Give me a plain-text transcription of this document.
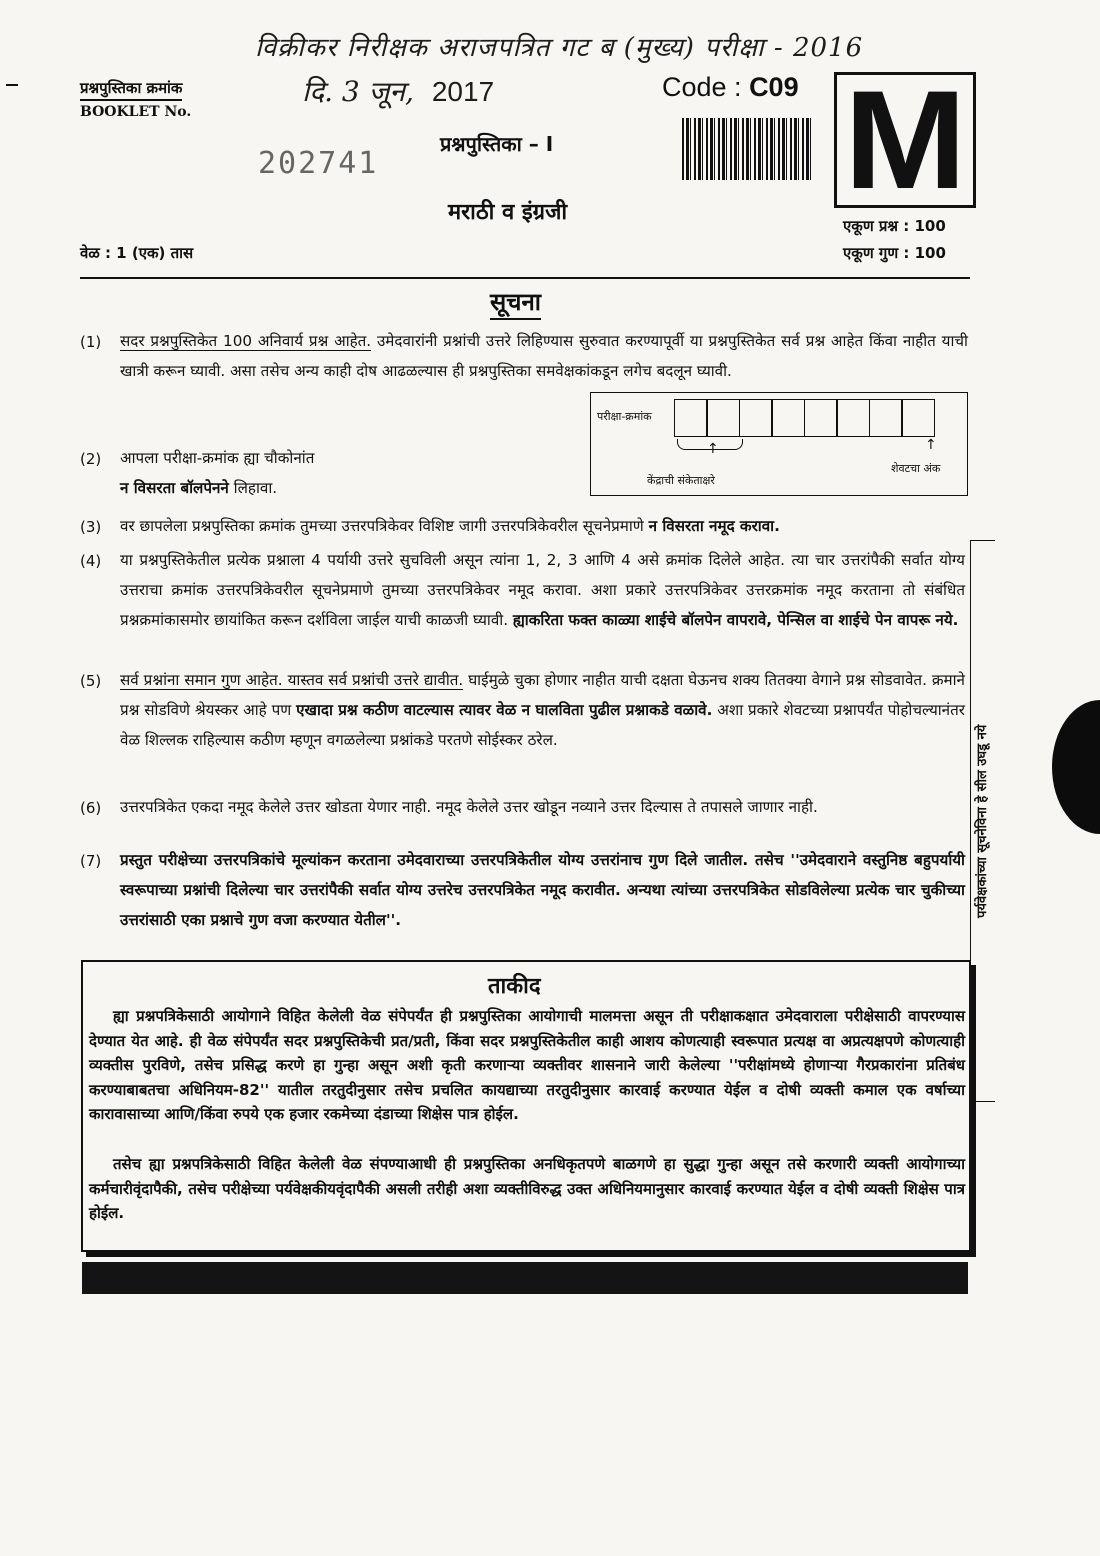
विक्रीकर निरीक्षक अराजपत्रित गट ब (मुख्य) परीक्षा - 2016
प्रश्नपुस्तिका क्रमांक
BOOKLET No.
दि. 3 जून, 2017	Code : C09
202741
प्रश्नपुस्तिका – I M
मराठी व इंग्रजी
एकूण प्रश्न : 100
एकूण गुण : 100
वेळ : 1 (एक) तास
सूचना
(1) सदर प्रश्नपुस्तिकेत 100 अनिवार्य प्रश्न आहेत. उमेदवारांनी प्रश्नांची उत्तरे लिहिण्यास सुरुवात करण्यापूर्वी या प्रश्नपुस्तिकेत सर्व प्रश्न आहेत किंवा नाहीत याची खात्री करून घ्यावी. असा तसेच अन्य काही दोष आढळल्यास ही प्रश्नपुस्तिका समवेक्षकांकडून लगेच बदलून घ्यावी.
(2) आपला परीक्षा-क्रमांक ह्या चौकोनांत
न विसरता बॉलपेनने लिहावा.
परीक्षा-क्रमांक
↑	↑
केंद्राची संकेताक्षरे
शेवटचा अंक
(3) वर छापलेला प्रश्नपुस्तिका क्रमांक तुमच्या उत्तरपत्रिकेवर विशिष्ट जागी उत्तरपत्रिकेवरील सूचनेप्रमाणे न विसरता नमूद करावा.
(4) या प्रश्नपुस्तिकेतील प्रत्येक प्रश्नाला 4 पर्यायी उत्तरे सुचविली असून त्यांना 1, 2, 3 आणि 4 असे क्रमांक दिलेले आहेत. त्या चार उत्तरांपैकी सर्वात योग्य उत्तराचा क्रमांक उत्तरपत्रिकेवरील सूचनेप्रमाणे तुमच्या उत्तरपत्रिकेवर नमूद करावा. अशा प्रकारे उत्तरपत्रिकेवर उत्तरक्रमांक नमूद करताना तो संबंधित प्रश्नक्रमांकासमोर छायांकित करून दर्शविला जाईल याची काळजी घ्यावी. ह्याकरिता फक्त काळ्या शाईचे बॉलपेन वापरावे, पेन्सिल वा शाईचे पेन वापरू नये.
(5) सर्व प्रश्नांना समान गुण आहेत. यास्तव सर्व प्रश्नांची उत्तरे द्यावीत. घाईमुळे चुका होणार नाहीत याची दक्षता घेऊनच शक्य तितक्या वेगाने प्रश्न सोडवावेत. क्रमाने प्रश्न सोडविणे श्रेयस्कर आहे पण एखादा प्रश्न कठीण वाटल्यास त्यावर वेळ न घालविता पुढील प्रश्नाकडे वळावे. अशा प्रकारे शेवटच्या प्रश्नापर्यंत पोहोचल्यानंतर वेळ शिल्लक राहिल्यास कठीण म्हणून वगळलेल्या प्रश्नांकडे परतणे सोईस्कर ठरेल.
(6) उत्तरपत्रिकेत एकदा नमूद केलेले उत्तर खोडता येणार नाही. नमूद केलेले उत्तर खोडून नव्याने उत्तर दिल्यास ते तपासले जाणार नाही.
(7) प्रस्तुत परीक्षेच्या उत्तरपत्रिकांचे मूल्यांकन करताना उमेदवाराच्या उत्तरपत्रिकेतील योग्य उत्तरांनाच गुण दिले जातील. तसेच ''उमेदवाराने वस्तुनिष्ठ बहुपर्यायी स्वरूपाच्या प्रश्नांची दिलेल्या चार उत्तरांपैकी सर्वात योग्य उत्तरेच उत्तरपत्रिकेत नमूद करावीत. अन्यथा त्यांच्या उत्तरपत्रिकेत सोडविलेल्या प्रत्येक चार चुकीच्या उत्तरांसाठी एका प्रश्नाचे गुण वजा करण्यात येतील''.
पर्यवेक्षकांच्या सूचनेविना हे सील उघडू नये
ताकीद
ह्या प्रश्नपत्रिकेसाठी आयोगाने विहित केलेली वेळ संपेपर्यंत ही प्रश्नपुस्तिका आयोगाची मालमत्ता असून ती परीक्षाकक्षात उमेदवाराला परीक्षेसाठी वापरण्यास देण्यात येत आहे. ही वेळ संपेपर्यंत सदर प्रश्नपुस्तिकेची प्रत/प्रती, किंवा सदर प्रश्नपुस्तिकेतील काही आशय कोणत्याही स्वरूपात प्रत्यक्ष वा अप्रत्यक्षपणे कोणत्याही व्यक्तीस पुरविणे, तसेच प्रसिद्ध करणे हा गुन्हा असून अशी कृती करणाऱ्या व्यक्तीवर शासनाने जारी केलेल्या ''परीक्षांमध्ये होणाऱ्या गैरप्रकारांना प्रतिबंध करण्याबाबतचा अधिनियम-82'' यातील तरतुदीनुसार तसेच प्रचलित कायद्याच्या तरतुदीनुसार कारवाई करण्यात येईल व दोषी व्यक्ती कमाल एक वर्षाच्या कारावासाच्या आणि/किंवा रुपये एक हजार रकमेच्या दंडाच्या शिक्षेस पात्र होईल.
तसेच ह्या प्रश्नपत्रिकेसाठी विहित केलेली वेळ संपण्याआधी ही प्रश्नपुस्तिका अनधिकृतपणे बाळगणे हा सुद्धा गुन्हा असून तसे करणारी व्यक्ती आयोगाच्या कर्मचारीवृंदापैकी, तसेच परीक्षेच्या पर्यवेक्षकीयवृंदापैकी असली तरीही अशा व्यक्तीविरुद्ध उक्त अधिनियमानुसार कारवाई करण्यात येईल व दोषी व्यक्ती शिक्षेस पात्र होईल.
